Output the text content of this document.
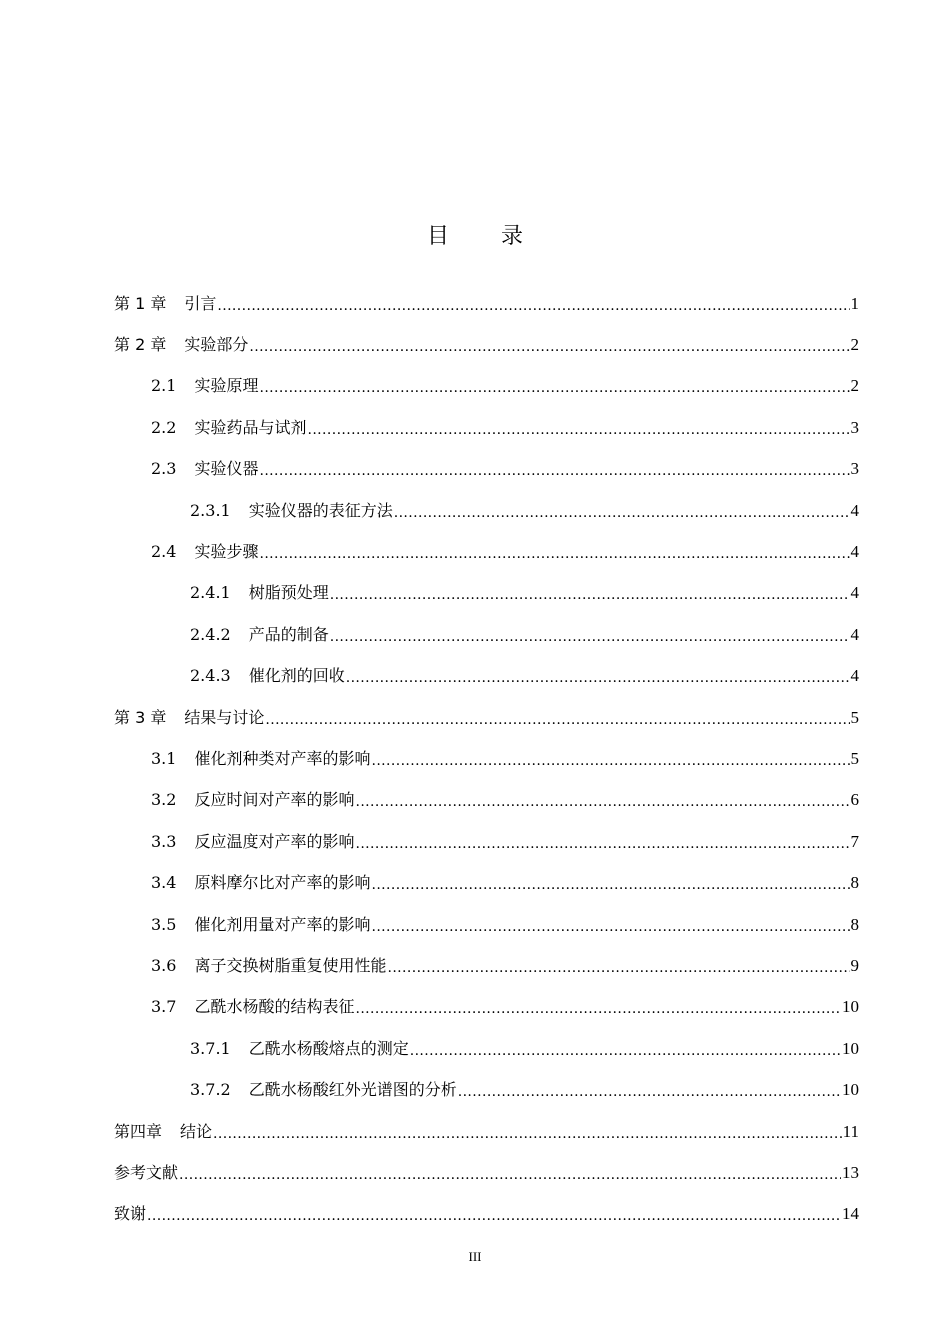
目 录
第 1 章 引言 .....	1
第 2 章 实验部分 .....	2
2.1 实验原理 .....	2
2.2 实验药品与试剂 .....	3
2.3 实验仪器 .....	3
2.3.1 实验仪器的表征方法 .....	4
2.4 实验步骤 .....	4
2.4.1 树脂预处理 .....	4
2.4.2 产品的制备 .....	4
2.4.3 催化剂的回收 .....	4
第 3 章 结果与讨论 .....	5
3.1 催化剂种类对产率的影响 .....	5
3.2 反应时间对产率的影响 .....	6
3.3 反应温度对产率的影响 .....	7
3.4 原料摩尔比对产率的影响 .....	8
3.5 催化剂用量对产率的影响 .....	8
3.6 离子交换树脂重复使用性能 .....	9
3.7 乙酰水杨酸的结构表征 .....	10
3.7.1 乙酰水杨酸熔点的测定 .....	10
3.7.2 乙酰水杨酸红外光谱图的分析 .....	10
第四章 结论 .....	11
参考文献 .....	13
致谢 .....	14
III
